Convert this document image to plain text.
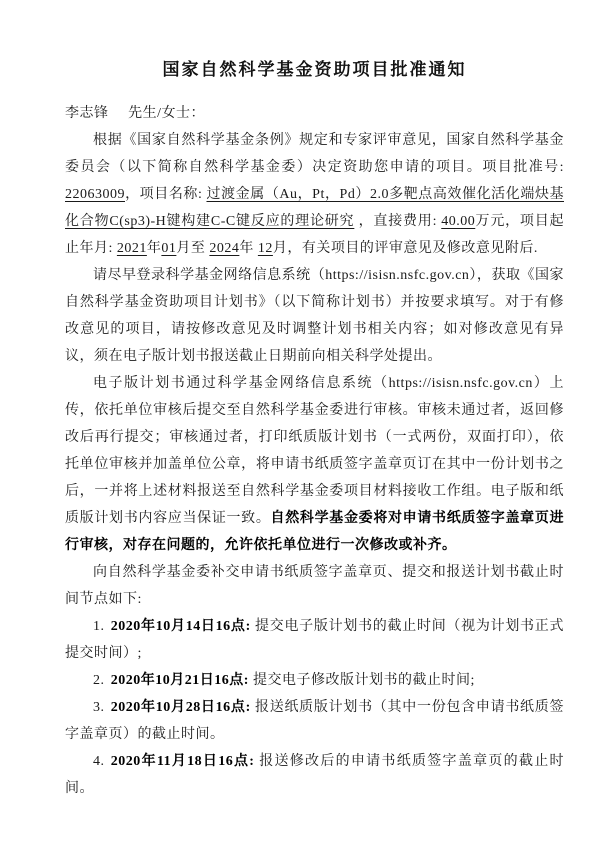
国家自然科学基金资助项目批准通知

李志锋 先生/女士：

根据《国家自然科学基金条例》规定和专家评审意见，国家自然科学基金委员会（以下简称自然科学基金委）决定资助您申请的项目。项目批准号: 22063009，项目名称: 过渡金属（Au，Pt，Pd）2.0多靶点高效催化活化端炔基化合物C(sp3)-H键构建C-C键反应的理论研究 ，直接费用: 40.00万元，项目起止年月: 2021年01月至 2024年 12月，有关项目的评审意见及修改意见附后.

请尽早登录科学基金网络信息系统（https://isisn.nsfc.gov.cn），获取《国家自然科学基金资助项目计划书》（以下简称计划书）并按要求填写。对于有修改意见的项目，请按修改意见及时调整计划书相关内容；如对修改意见有异议，须在电子版计划书报送截止日期前向相关科学处提出。

电子版计划书通过科学基金网络信息系统（https://isisn.nsfc.gov.cn）上传，依托单位审核后提交至自然科学基金委进行审核。审核未通过者，返回修改后再行提交；审核通过者，打印纸质版计划书（一式两份，双面打印），依托单位审核并加盖单位公章，将申请书纸质签字盖章页订在其中一份计划书之后，一并将上述材料报送至自然科学基金委项目材料接收工作组。电子版和纸质版计划书内容应当保证一致。自然科学基金委将对申请书纸质签字盖章页进行审核，对存在问题的，允许依托单位进行一次修改或补齐。

向自然科学基金委补交申请书纸质签字盖章页、提交和报送计划书截止时间节点如下:

1. 2020年10月14日16点: 提交电子版计划书的截止时间（视为计划书正式提交时间）;

2. 2020年10月21日16点: 提交电子修改版计划书的截止时间;

3. 2020年10月28日16点: 报送纸质版计划书（其中一份包含申请书纸质签字盖章页）的截止时间。

4. 2020年11月18日16点: 报送修改后的申请书纸质签字盖章页的截止时间。
